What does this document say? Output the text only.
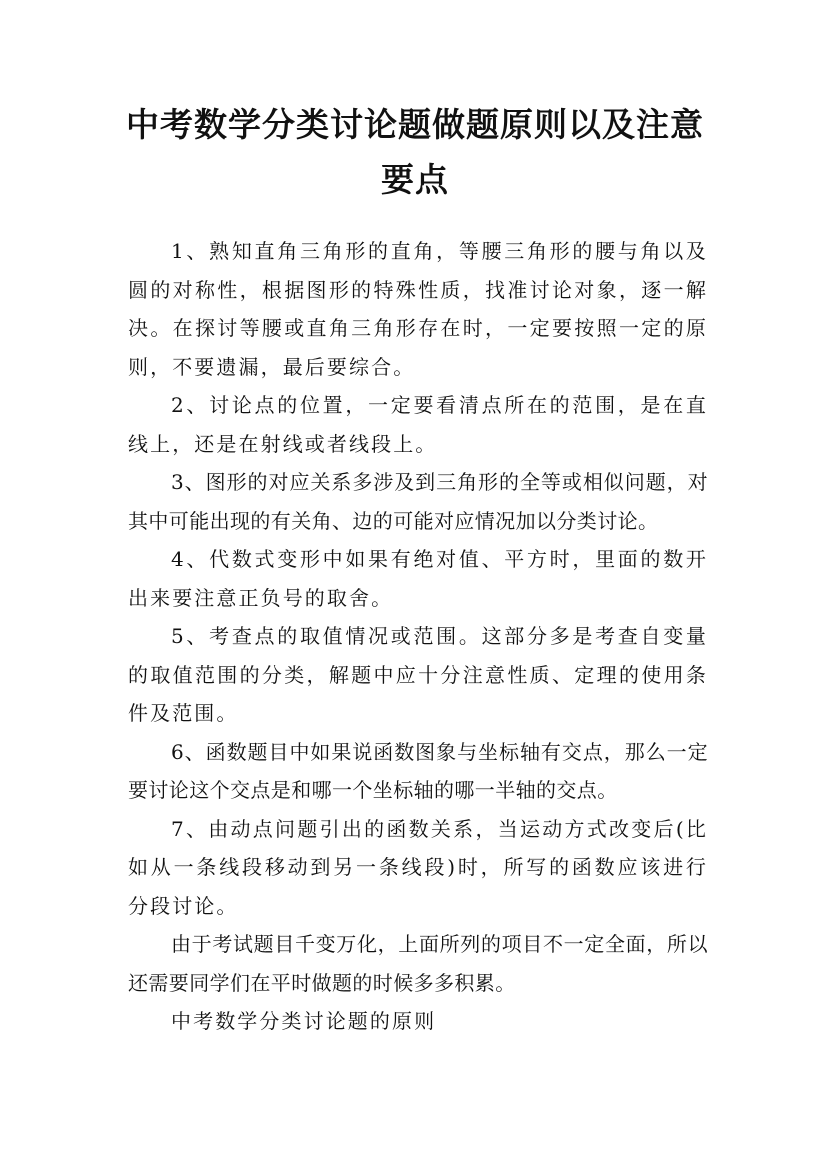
中考数学分类讨论题做题原则以及注意要点

1、熟知直角三角形的直角，等腰三角形的腰与角以及圆的对称性，根据图形的特殊性质，找准讨论对象，逐一解决。在探讨等腰或直角三角形存在时，一定要按照一定的原则，不要遗漏，最后要综合。

2、讨论点的位置，一定要看清点所在的范围，是在直线上，还是在射线或者线段上。

3、图形的对应关系多涉及到三角形的全等或相似问题，对其中可能出现的有关角、边的可能对应情况加以分类讨论。

4、代数式变形中如果有绝对值、平方时，里面的数开出来要注意正负号的取舍。

5、考查点的取值情况或范围。这部分多是考查自变量的取值范围的分类，解题中应十分注意性质、定理的使用条件及范围。

6、函数题目中如果说函数图象与坐标轴有交点，那么一定要讨论这个交点是和哪一个坐标轴的哪一半轴的交点。

7、由动点问题引出的函数关系，当运动方式改变后(比如从一条线段移动到另一条线段)时，所写的函数应该进行分段讨论。

由于考试题目千变万化，上面所列的项目不一定全面，所以还需要同学们在平时做题的时候多多积累。

中考数学分类讨论题的原则
